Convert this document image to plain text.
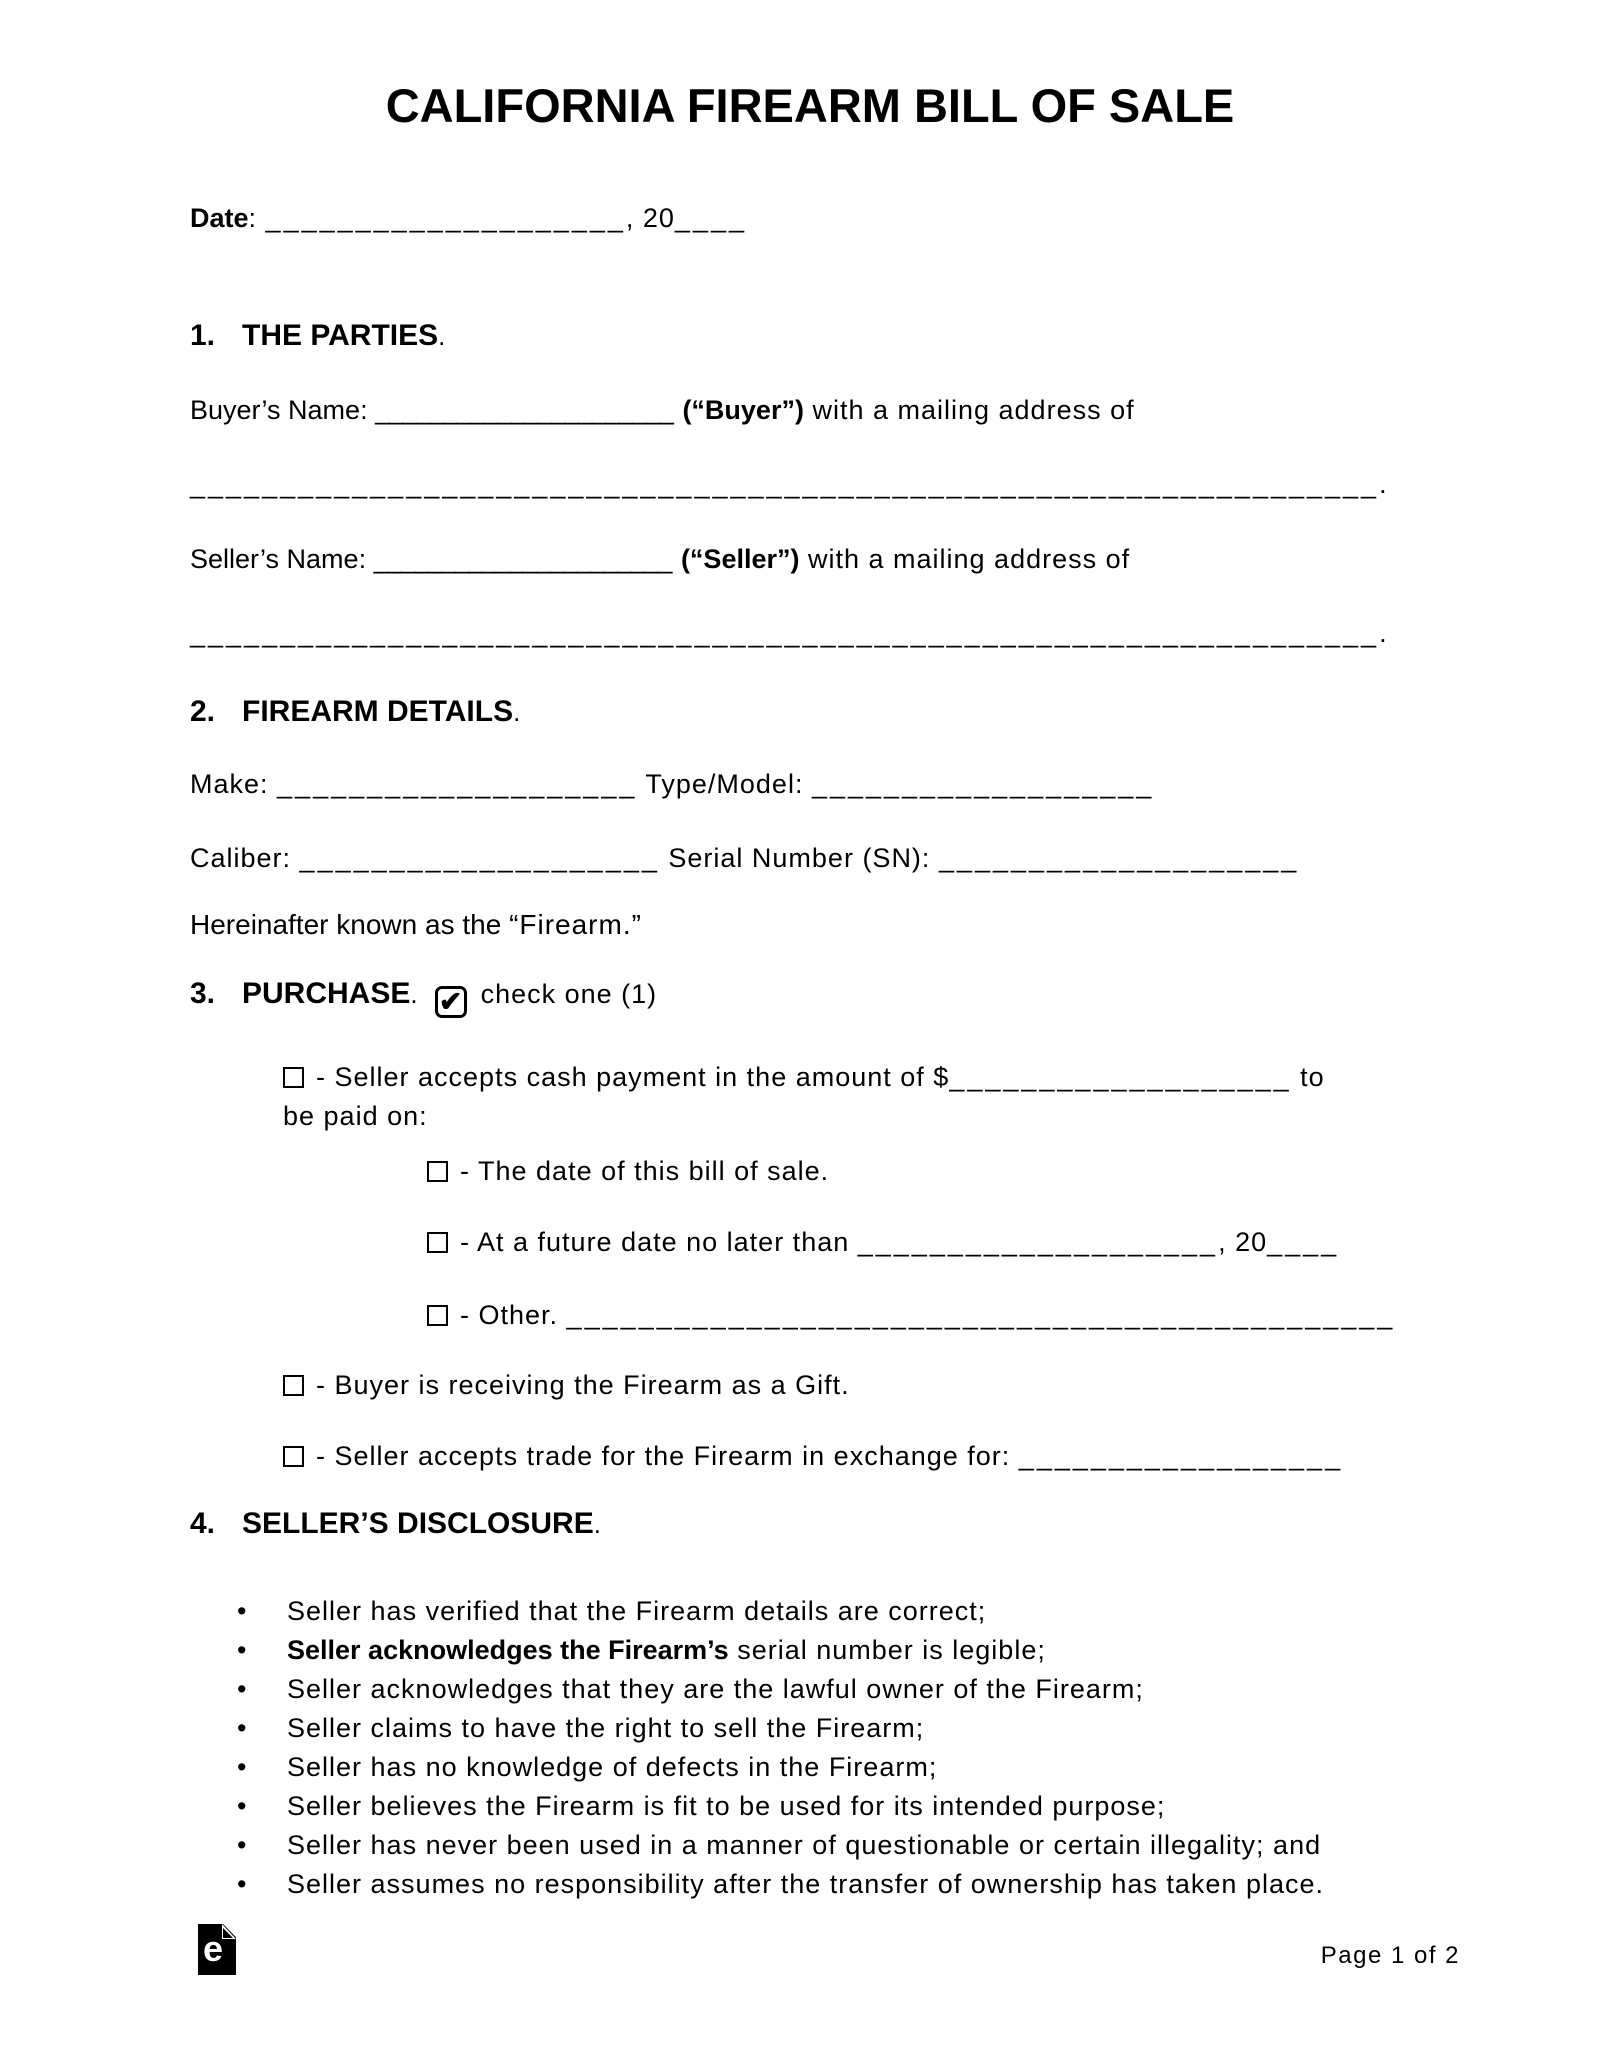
CALIFORNIA FIREARM BILL OF SALE

Date: ____________________, 20____

1. THE PARTIES.

Buyer’s Name: ______________________ (“Buyer”) with a mailing address of

__________________________________________________________________.

Seller’s Name: ______________________ (“Seller”) with a mailing address of

__________________________________________________________________.

2. FIREARM DETAILS.

Make: ____________________ Type/Model: ___________________

Caliber: ____________________ Serial Number (SN): ____________________

Hereinafter known as the “Firearm.”

3. PURCHASE. ✔ check one (1)
- Seller accepts cash payment in the amount of $___________________ to
be paid on:

- The date of this bill of sale.

- At a future date no later than ____________________, 20____

- Other. ______________________________________________

- Buyer is receiving the Firearm as a Gift.

- Seller accepts trade for the Firearm in exchange for: __________________

4. SELLER’S DISCLOSURE.
• Seller has verified that the Firearm details are correct;
• Seller acknowledges the Firearm’s serial number is legible;
• Seller acknowledges that they are the lawful owner of the Firearm;
• Seller claims to have the right to sell the Firearm;
• Seller has no knowledge of defects in the Firearm;
• Seller believes the Firearm is fit to be used for its intended purpose;
• Seller has never been used in a manner of questionable or certain illegality; and
• Seller assumes no responsibility after the transfer of ownership has taken place.
e	Page 1 of 2
